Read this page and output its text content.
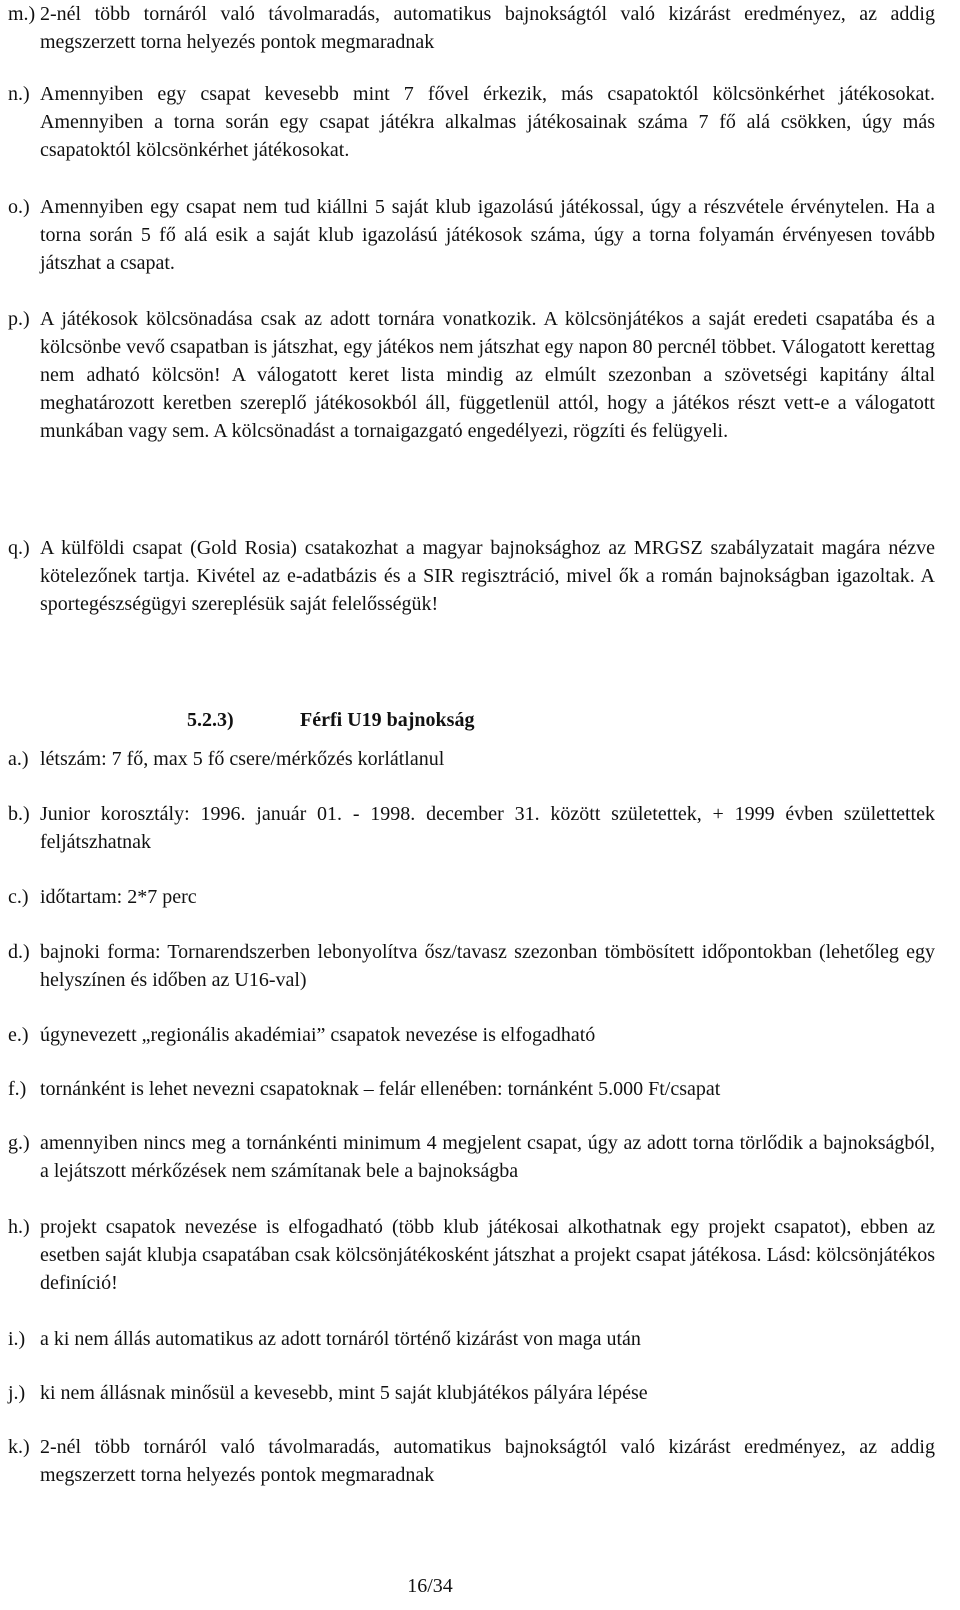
m.) 2-nél több tornáról való távolmaradás, automatikus bajnokságtól való kizárást eredményez, az addig megszerzett torna helyezés pontok megmaradnak
n.) Amennyiben egy csapat kevesebb mint 7 fővel érkezik, más csapatoktól kölcsönkérhet játékosokat. Amennyiben a torna során egy csapat játékra alkalmas játékosainak száma 7 fő alá csökken, úgy más csapatoktól kölcsönkérhet játékosokat.
o.) Amennyiben egy csapat nem tud kiállni 5 saját klub igazolású játékossal, úgy a részvétele érvénytelen. Ha a torna során 5 fő alá esik a saját klub igazolású játékosok száma, úgy a torna folyamán érvényesen tovább játszhat a csapat.
p.) A játékosok kölcsönadása csak az adott tornára vonatkozik. A kölcsönjátékos a saját eredeti csapatába és a kölcsönbe vevő csapatban is játszhat, egy játékos nem játszhat egy napon 80 percnél többet. Válogatott kerettag nem adható kölcsön! A válogatott keret lista mindig az elmúlt szezonban a szövetségi kapitány által meghatározott keretben szereplő játékosokból áll, függetlenül attól, hogy a játékos részt vett-e a válogatott munkában vagy sem. A kölcsönadást a tornaigazgató engedélyezi, rögzíti és felügyeli.
q.) A külföldi csapat (Gold Rosia) csatakozhat a magyar bajnoksághoz az MRGSZ szabályzatait magára nézve kötelezőnek tartja. Kivétel az e-adatbázis és a SIR regisztráció, mivel ők a román bajnokságban igazoltak. A sportegészségügyi szereplésük saját felelősségük!
5.2.3)	Férfi U19 bajnokság
a.) létszám: 7 fő, max 5 fő csere/mérkőzés korlátlanul
b.) Junior korosztály: 1996. január 01. - 1998. december 31. között születettek, + 1999 évben születtettek feljátszhatnak
c.) időtartam: 2*7 perc
d.) bajnoki forma: Tornarendszerben lebonyolítva ősz/tavasz szezonban tömbösített időpontokban (lehetőleg egy helyszínen és időben az U16-val)
e.) úgynevezett „regionális akadémiai” csapatok nevezése is elfogadható
f.) tornánként is lehet nevezni csapatoknak – felár ellenében: tornánként 5.000 Ft/csapat
g.) amennyiben nincs meg a tornánkénti minimum 4 megjelent csapat, úgy az adott torna törlődik a bajnokságból, a lejátszott mérkőzések nem számítanak bele a bajnokságba
h.) projekt csapatok nevezése is elfogadható (több klub játékosai alkothatnak egy projekt csapatot), ebben az esetben saját klubja csapatában csak kölcsönjátékosként játszhat a projekt csapat játékosa. Lásd: kölcsönjátékos definíció!
i.) a ki nem állás automatikus az adott tornáról történő kizárást von maga után
j.) ki nem állásnak minősül a kevesebb, mint 5 saját klubjátékos pályára lépése
k.) 2-nél több tornáról való távolmaradás, automatikus bajnokságtól való kizárást eredményez, az addig megszerzett torna helyezés pontok megmaradnak
16/34
